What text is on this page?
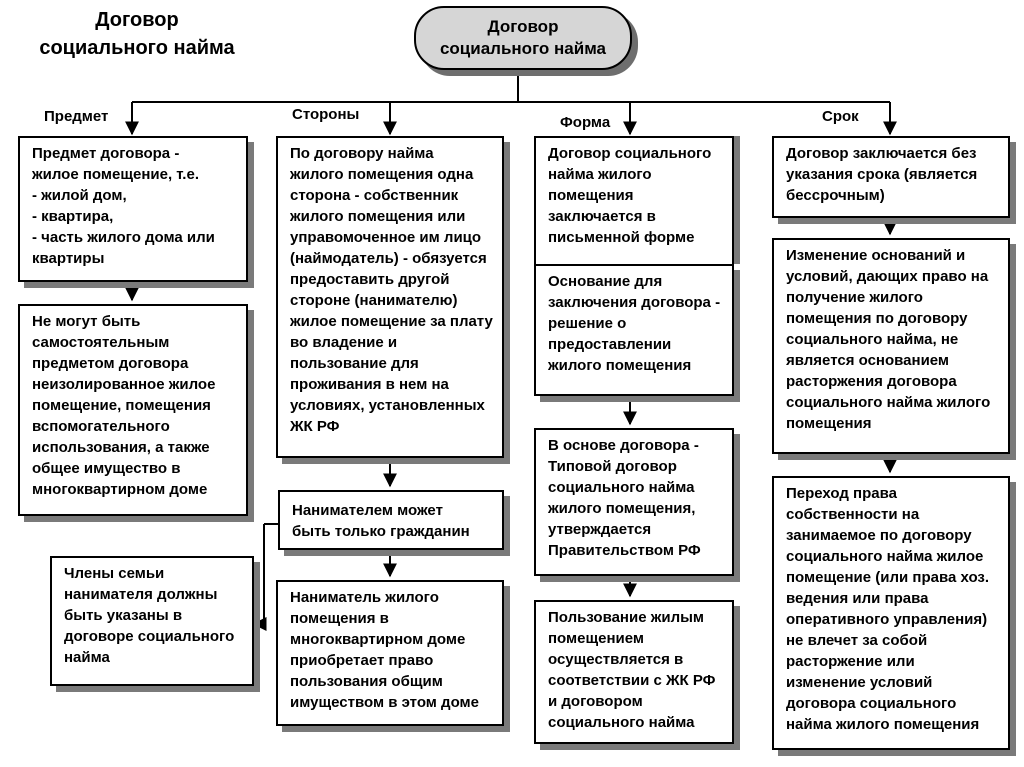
Договор
социального найма
Договор
социального найма
Предмет	Стороны	Форма	Срок
Предмет договора -
жилое помещение, т.е.
- жилой дом,
- квартира,
- часть жилого дома или
квартиры
Не могут быть
самостоятельным
предметом договора
неизолированное жилое
помещение, помещения
вспомогательного
использования, а также
общее имущество в
многоквартирном доме
Члены семьи
нанимателя должны
быть указаны в
договоре социального
найма
По договору найма
жилого помещения одна
сторона - собственник
жилого помещения или
управомоченное им лицо
(наймодатель) - обязуется
предоставить другой
стороне (нанимателю)
жилое помещение за плату
во владение и
пользование для
проживания в нем на
условиях, установленных
ЖК РФ
Нанимателем может
быть только гражданин
Наниматель жилого
помещения в
многоквартирном доме
приобретает право
пользования общим
имуществом в этом доме
Договор социального
найма жилого
помещения
заключается в
письменной форме
Основание для
заключения договора -
решение о
предоставлении
жилого помещения
В основе договора -
Типовой договор
социального найма
жилого помещения,
утверждается
Правительством РФ
Пользование жилым
помещением
осуществляется в
соответствии с ЖК РФ
и договором
социального найма
Договор заключается без
указания срока (является
бессрочным)
Изменение оснований и
условий, дающих право на
получение жилого
помещения по договору
социального найма, не
является основанием
расторжения договора
социального найма жилого
помещения
Переход права
собственности на
занимаемое по договору
социального найма жилое
помещение (или права хоз.
ведения или права
оперативного управления)
не влечет за собой
расторжение или
изменение условий
договора социального
найма жилого помещения
